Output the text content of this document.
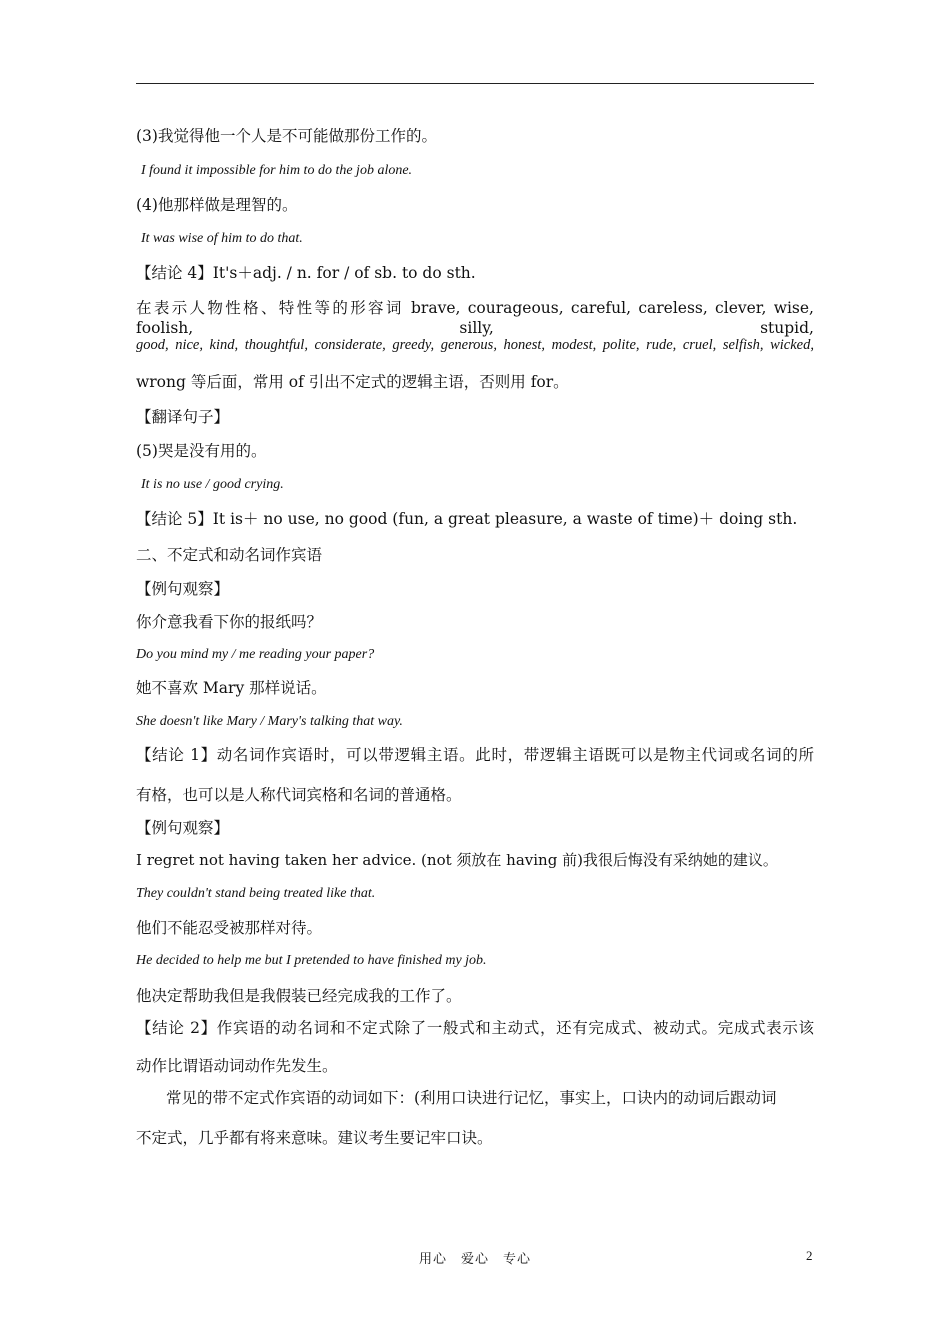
(3)我觉得他一个人是不可能做那份工作的。
I found it impossible for him to do the job alone.
(4)他那样做是理智的。
It was wise of him to do that.
【结论 4】It's＋adj. / n. for / of sb. to do sth.
在表示人物性格、特性等的形容词 brave, courageous, careful, careless, clever, wise, foolish, silly, stupid,
good, nice, kind, thoughtful, considerate, greedy, generous, honest, modest, polite, rude, cruel, selfish, wicked,
wrong 等后面，常用 of 引出不定式的逻辑主语，否则用 for。
【翻译句子】
(5)哭是没有用的。
It is no use / good crying.
【结论 5】It is＋ no use, no good (fun, a great pleasure, a waste of time)＋ doing sth.
二、不定式和动名词作宾语
【例句观察】
你介意我看下你的报纸吗？
Do you mind my / me reading your paper?
她不喜欢 Mary 那样说话。
She doesn't like Mary / Mary's talking that way.
【结论 1】动名词作宾语时，可以带逻辑主语。此时，带逻辑主语既可以是物主代词或名词的所
有格，也可以是人称代词宾格和名词的普通格。
【例句观察】
I regret not having taken her advice. (not 须放在 having 前)我很后悔没有采纳她的建议。
They couldn't stand being treated like that.
他们不能忍受被那样对待。
He decided to help me but I pretended to have finished my job.
他决定帮助我但是我假装已经完成我的工作了。
【结论 2】作宾语的动名词和不定式除了一般式和主动式，还有完成式、被动式。完成式表示该
动作比谓语动词动作先发生。
常见的带不定式作宾语的动词如下：(利用口诀进行记忆，事实上，口诀内的动词后跟动词
不定式，几乎都有将来意味。建议考生要记牢口诀。
用心　爱心　专心	2
